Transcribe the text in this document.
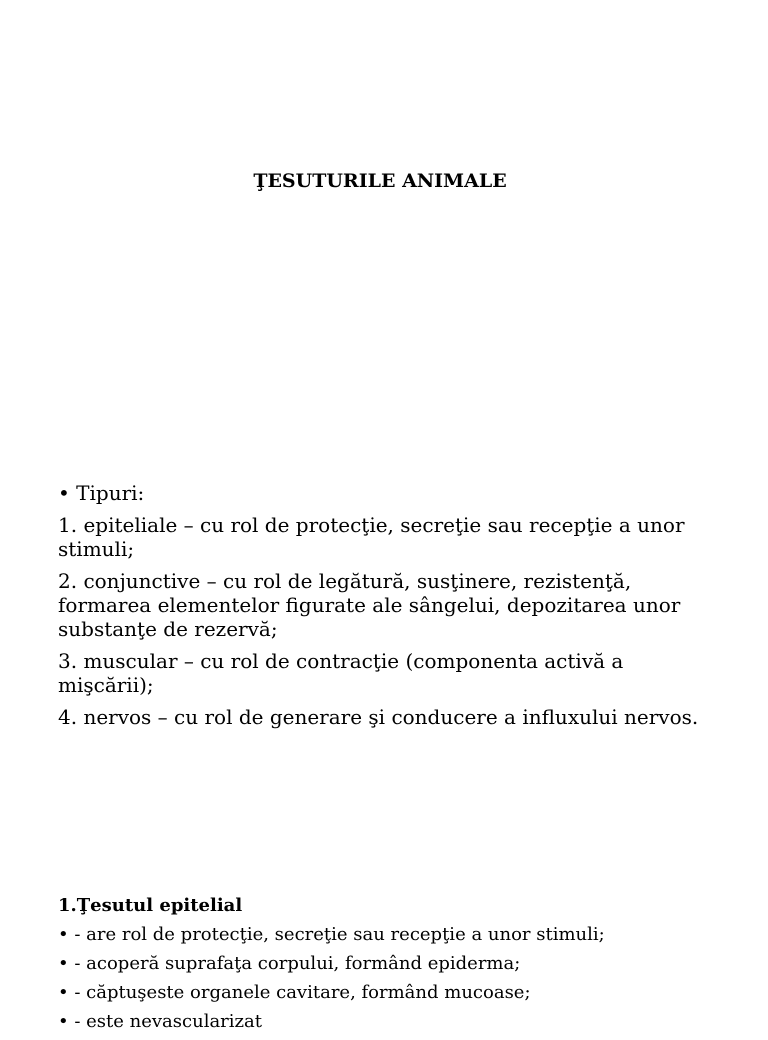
ŢESUTURILE ANIMALE

• Tipuri:

1. epiteliale – cu rol de protecţie, secreţie sau recepţie a unor stimuli;

2. conjunctive – cu rol de legătură, susţinere, rezistenţă, formarea elementelor figurate ale sângelui, depozitarea unor substanţe de rezervă;

3. muscular – cu rol de contracţie (componenta activă a mişcării);

4. nervos – cu rol de generare şi conducere a influxului nervos.

1.Ţesutul epitelial

• - are rol de protecţie, secreţie sau recepţie a unor stimuli;

• - acoperă suprafaţa corpului, formând epiderma;

• - căptuşeste organele cavitare, formând mucoase;

• - este nevascularizat
